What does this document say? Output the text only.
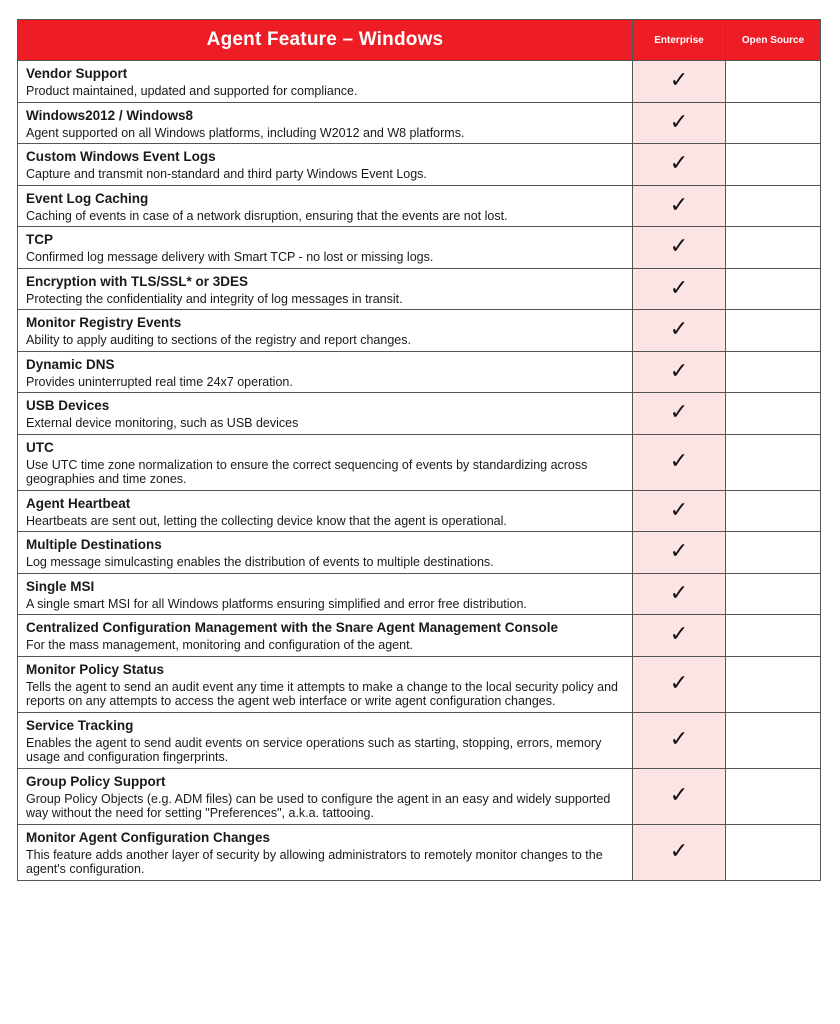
Agent Feature – Windows	Enterprise	Open Source

Vendor Support
Product maintained, updated and supported for compliance.	✓	

Windows2012 / Windows8
Agent supported on all Windows platforms, including W2012 and W8 platforms.	✓	

Custom Windows Event Logs
Capture and transmit non-standard and third party Windows Event Logs.	✓	

Event Log Caching
Caching of events in case of a network disruption, ensuring that the events are not lost.	✓	

TCP
Confirmed log message delivery with Smart TCP - no lost or missing logs.	✓	

Encryption with TLS/SSL* or 3DES
Protecting the confidentiality and integrity of log messages in transit.	✓	

Monitor Registry Events
Ability to apply auditing to sections of the registry and report changes.	✓	

Dynamic DNS
Provides uninterrupted real time 24x7 operation.	✓	

USB Devices
External device monitoring, such as USB devices	✓	

UTC
Use UTC time zone normalization to ensure the correct sequencing of events by standardizing across geographies and time zones.	✓	

Agent Heartbeat
Heartbeats are sent out, letting the collecting device know that the agent is operational.	✓	

Multiple Destinations
Log message simulcasting enables the distribution of events to multiple destinations.	✓	

Single MSI
A single smart MSI for all Windows platforms ensuring simplified and error free distribution.	✓	

Centralized Configuration Management with the Snare Agent Management Console
For the mass management, monitoring and configuration of the agent.	✓	

Monitor Policy Status
Tells the agent to send an audit event any time it attempts to make a change to the local security policy and reports on any attempts to access the agent web interface or write agent configuration changes.	✓	

Service Tracking
Enables the agent to send audit events on service operations such as starting, stopping, errors, memory usage and configuration fingerprints.	✓	

Group Policy Support
Group Policy Objects (e.g. ADM files) can be used to configure the agent in an easy and widely supported way without the need for setting "Preferences", a.k.a. tattooing.	✓	

Monitor Agent Configuration Changes
This feature adds another layer of security by allowing administrators to remotely monitor changes to the agent's configuration.	✓	
